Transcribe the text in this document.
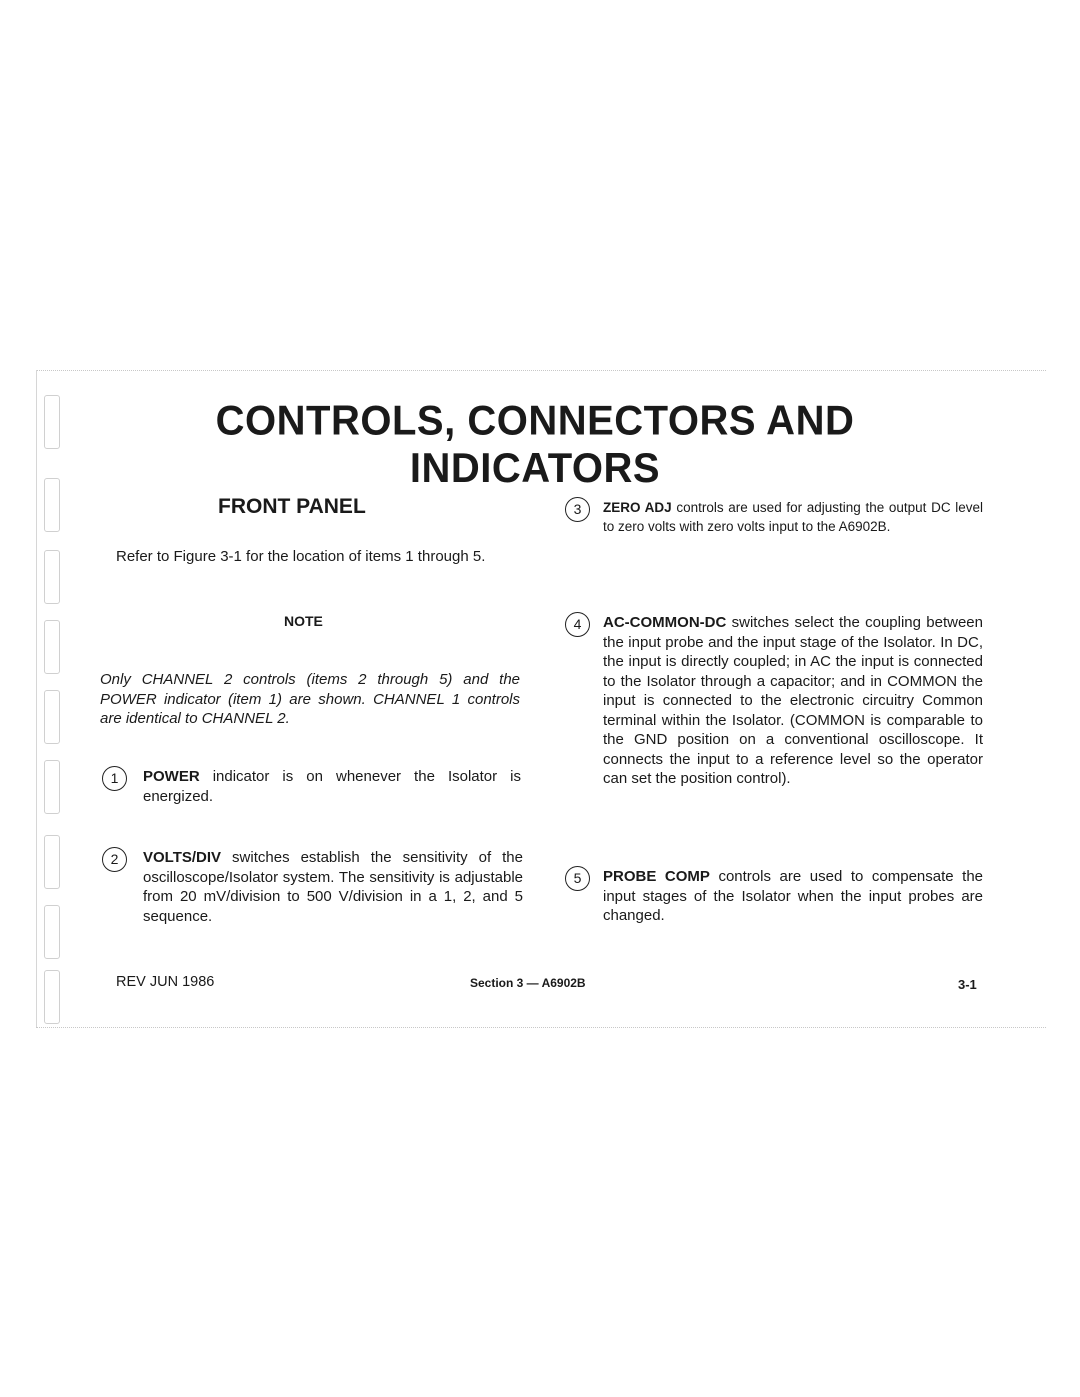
CONTROLS, CONNECTORS AND INDICATORS
FRONT PANEL
Refer to Figure 3-1 for the location of items 1 through 5.
NOTE
Only CHANNEL 2 controls (items 2 through 5) and the POWER indicator (item 1) are shown. CHANNEL 1 controls are identical to CHANNEL 2.
1	POWER indicator is on whenever the Isolator is energized.
2	VOLTS/DIV switches establish the sensitivity of the oscilloscope/Isolator system. The sensitivity is adjustable from 20 mV/division to 500 V/division in a 1, 2, and 5 sequence.
3	ZERO ADJ controls are used for adjusting the output DC level to zero volts with zero volts input to the A6902B.
4	AC-COMMON-DC switches select the coupling between the input probe and the input stage of the Isolator. In DC, the input is directly coupled; in AC the input is connected to the Isolator through a capacitor; and in COMMON the input is connected to the electronic circuitry Common terminal within the Isolator. (COMMON is comparable to the GND position on a conventional oscilloscope. It connects the input to a reference level so the operator can set the position control).
5	PROBE COMP controls are used to compensate the input stages of the Isolator when the input probes are changed.
REV JUN 1986	Section 3 — A6902B	3-1
